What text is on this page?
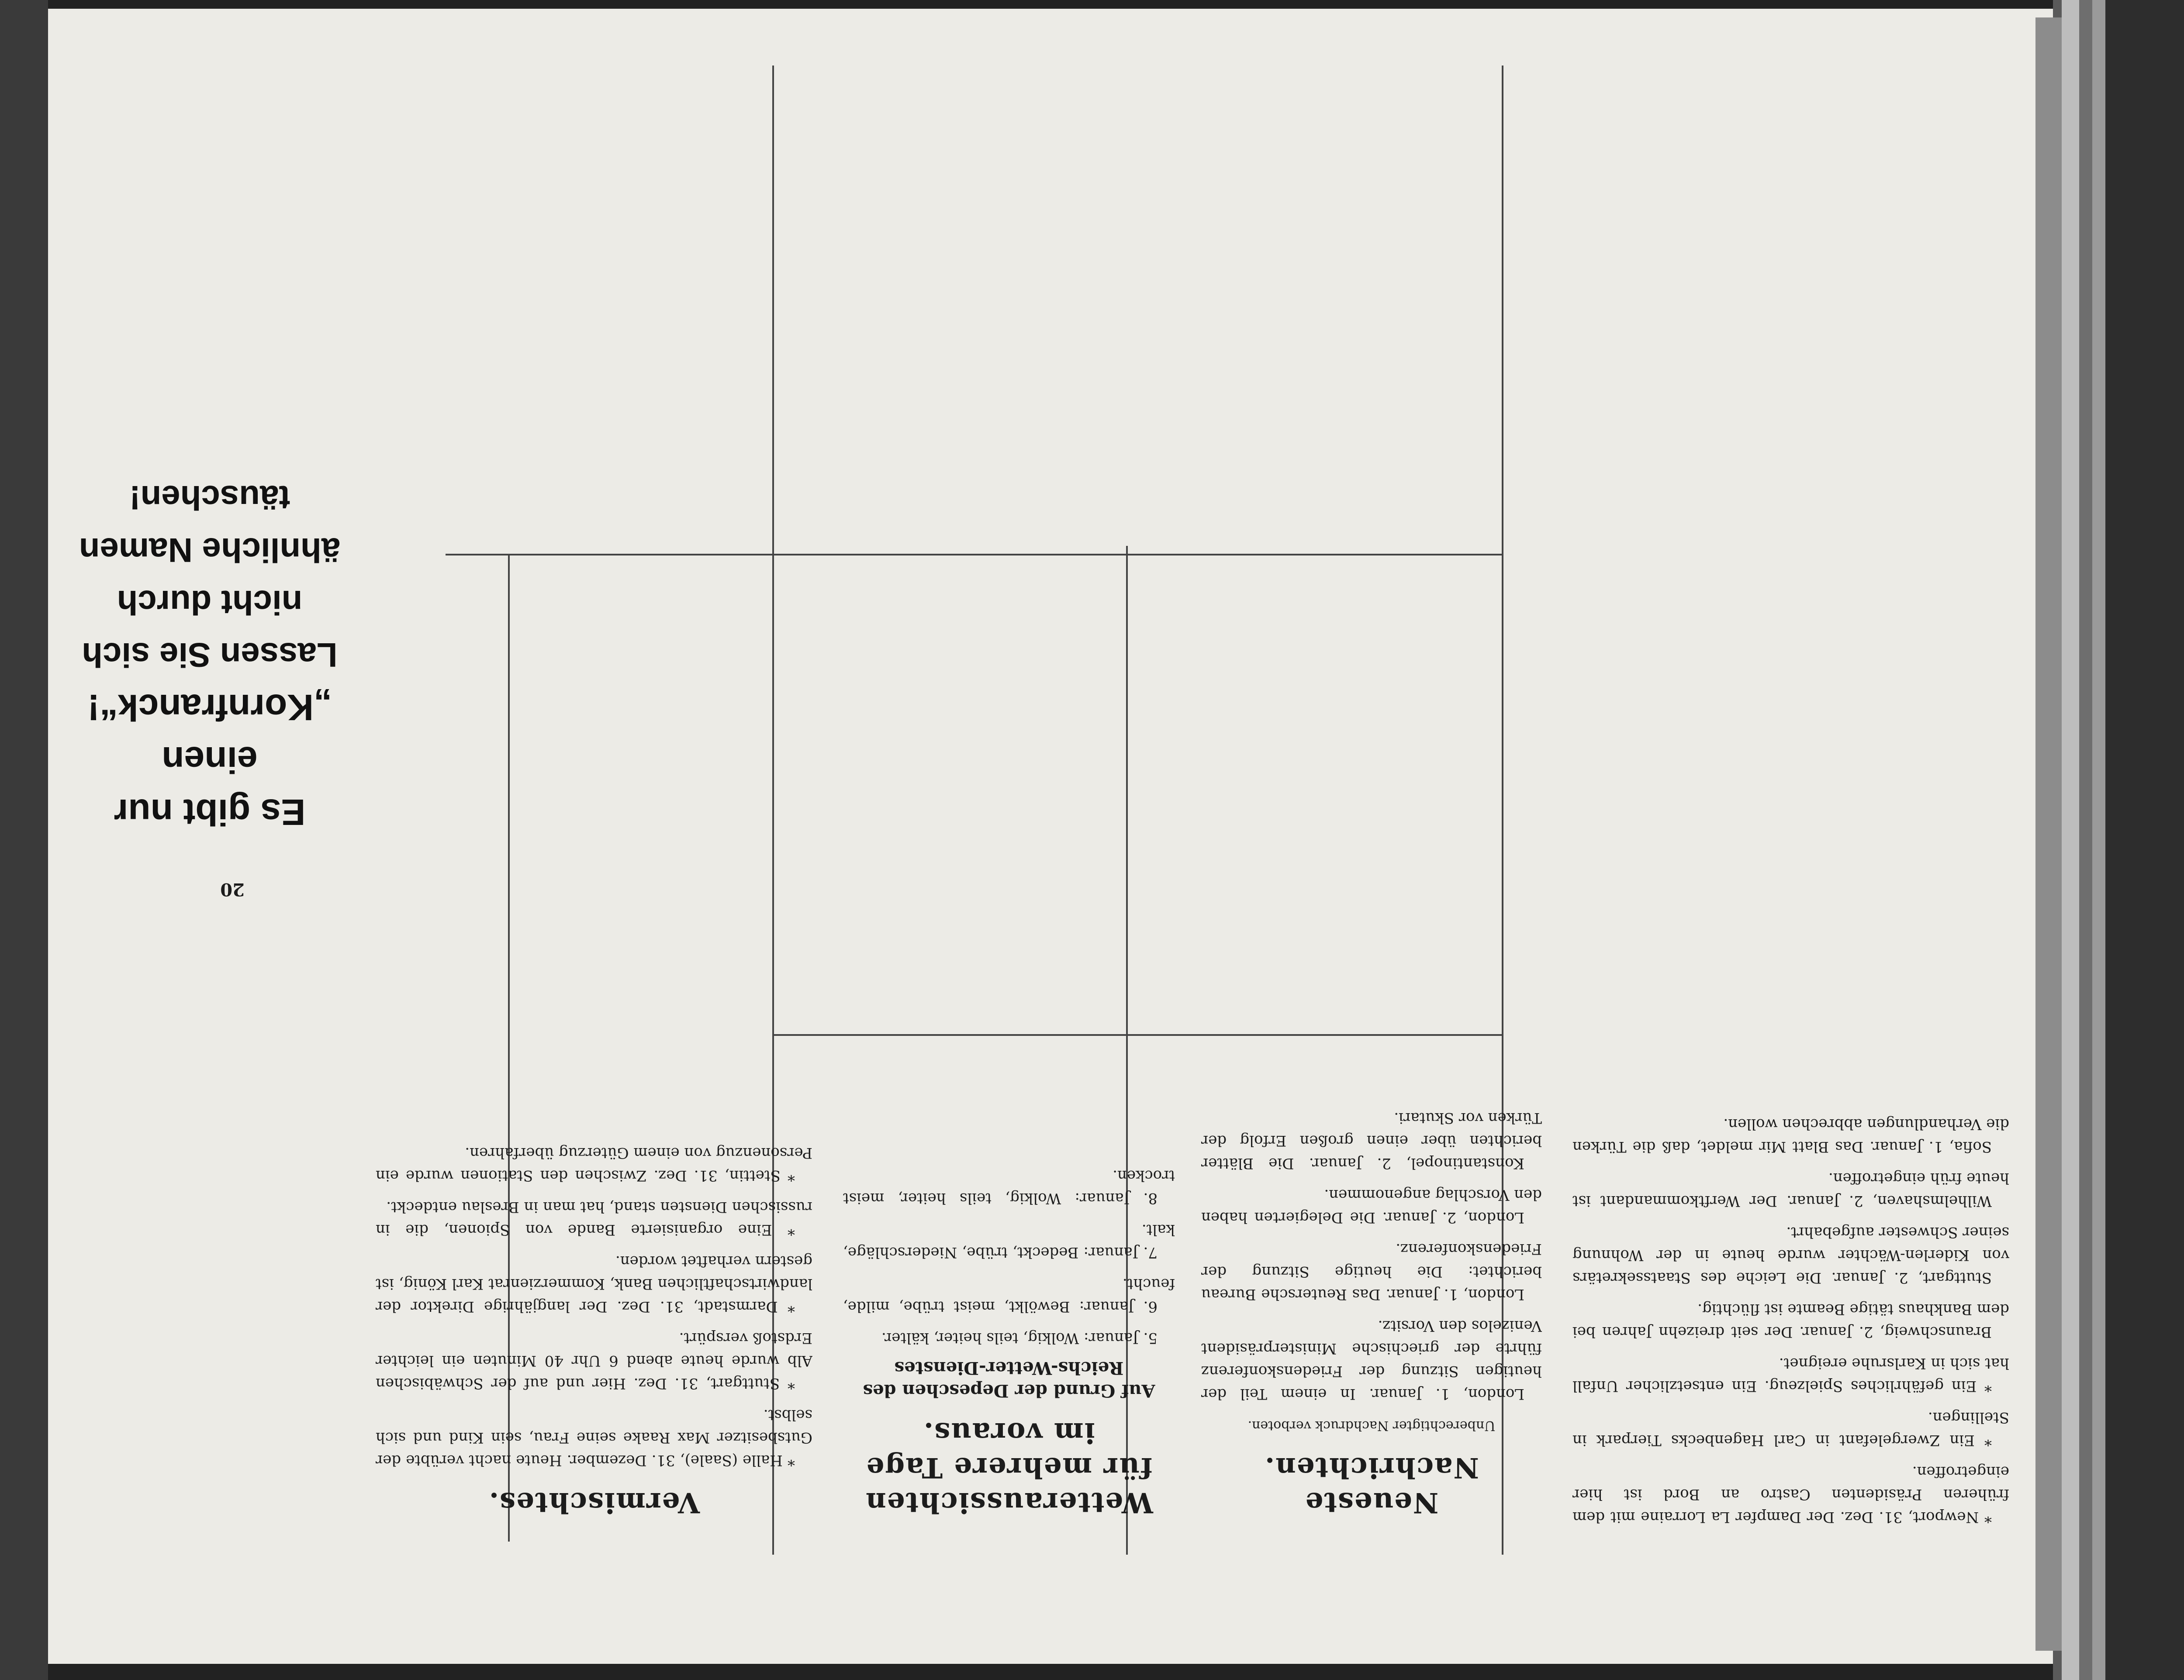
* Newport, 31. Dez. Der Dampfer La Lorraine mit dem früheren Präsidenten Castro an Bord ist hier eingetroffen.

* Ein Zwergelefant in Carl Hagenbecks Tierpark in Stellingen.

* Ein gefährliches Spielzeug. Ein entsetzlicher Unfall hat sich in Karlsruhe ereignet.

Braunschweig, 2. Januar. Der seit dreizehn Jahren bei dem Bankhaus tätige Beamte ist flüchtig.

Stuttgart, 2. Januar. Die Leiche des Staatssekretärs von Kiderlen-Wächter wurde heute in der Wohnung seiner Schwester aufgebahrt.

Wilhelmshaven, 2. Januar. Der Werftkommandant ist heute früh eingetroffen.

Sofia, 1. Januar. Das Blatt Mir meldet, daß die Türken die Verhandlungen abbrechen wollen.

Neueste Nachrichten.
Unberechtigter Nachdruck verboten.

London, 1. Januar. In einem Teil der heutigen Sitzung der Friedenskonferenz führte der griechische Ministerpräsident Venizelos den Vorsitz.

London, 1. Januar. Das Reutersche Bureau berichtet: Die heutige Sitzung der Friedenskonferenz.

London, 2. Januar. Die Delegierten haben den Vorschlag angenommen.

Konstantinopel, 2. Januar. Die Blätter berichten über einen großen Erfolg der Türken vor Skutari.

Wetteraussichten für mehrere Tage im voraus.
Auf Grund der Depeschen des Reichs-Wetter-Dienstes

5. Januar: Wolkig, teils heiter, kälter.

6. Januar: Bewölkt, meist trübe, milde, feucht.

7. Januar: Bedeckt, trübe, Niederschläge, kalt.

8. Januar: Wolkig, teils heiter, meist trocken.

Vermischtes.

* Halle (Saale), 31. Dezember. Heute nacht verübte der Gutsbesitzer Max Raake seine Frau, sein Kind und sich selbst.

* Stuttgart, 31. Dez. Hier und auf der Schwäbischen Alb wurde heute abend 6 Uhr 40 Minuten ein leichter Erdstoß verspürt.

* Darmstadt, 31. Dez. Der langjährige Direktor der landwirtschaftlichen Bank, Kommerzienrat Karl König, ist gestern verhaftet worden.

* Eine organisierte Bande von Spionen, die in russischen Diensten stand, hat man in Breslau entdeckt.

* Stettin, 31. Dez. Zwischen den Stationen wurde ein Personenzug von einem Güterzug überfahren.

Es gibt nur einen „Kornfranck“!
Lassen Sie sich nicht durch
ähnliche Namen täuschen!
20
